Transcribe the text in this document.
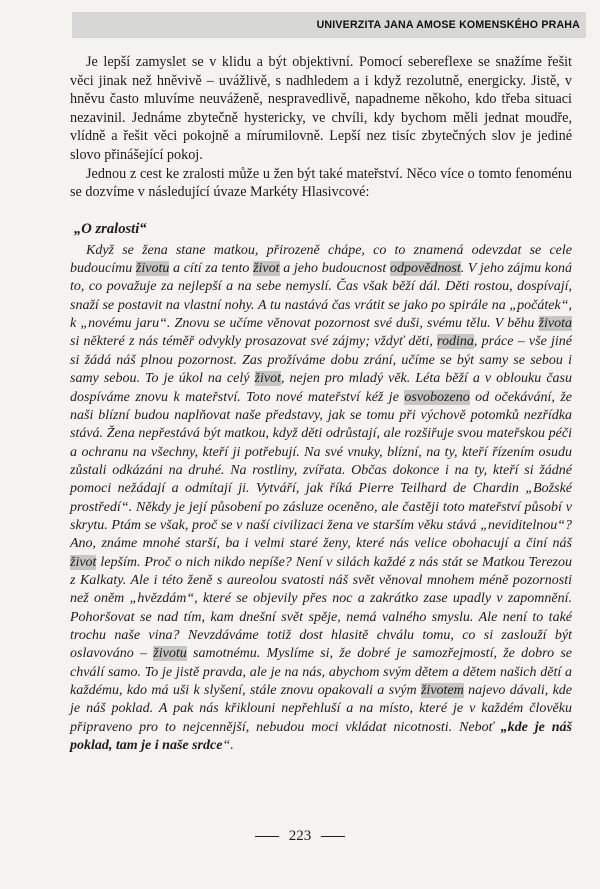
UNIVERZITA JANA AMOSE KOMENSKÉHO PRAHA

Je lepší zamyslet se v klidu a být objektivní. Pomocí sebereflexe se snažíme řešit věci jinak než hněvivě – uvážlivě, s nadhledem a i když rezolutně, energicky. Jistě, v hněvu často mluvíme neuváženě, nespravedlivě, napadneme někoho, kdo třeba situaci nezavinil. Jednáme zbytečně hystericky, ve chvíli, kdy bychom měli jednat moudře, vlídně a řešit věci pokojně a mírumilovně. Lepší nez tisíc zbytečných slov je jediné slovo přinášející pokoj.

Jednou z cest ke zralosti může u žen být také mateřství. Něco více o tomto fenoménu se dozvíme v následující úvaze Markéty Hlasivcové:

„O zralosti“

Když se žena stane matkou, přirozeně chápe, co to znamená odevzdat se cele budoucímu životu a cítí za tento život a jeho budoucnost odpovědnost. V jeho zájmu koná to, co považuje za nejlepší a na sebe nemyslí. Čas však běží dál. Děti rostou, dospívají, snaží se postavit na vlastní nohy. A tu nastává čas vrátit se jako po spirále na „počátek“, k „novému jaru“. Znovu se učíme věnovat pozornost své duši, svému tělu. V běhu života si některé z nás téměř odvykly prosazovat své zájmy; vždyť děti, rodina, práce – vše jiné si žádá náš plnou pozornost. Zas prožíváme dobu zrání, učíme se být samy se sebou i samy sebou. To je úkol na celý život, nejen pro mladý věk. Léta běží a v oblouku času dospíváme znovu k mateřství. Toto nové mateřství kéž je osvobozeno od očekávání, že naši blízní budou naplňovat naše představy, jak se tomu při výchově potomků nezřídka stává. Žena nepřestává být matkou, když děti odrůstají, ale rozšiřuje svou mateřskou péči a ochranu na všechny, kteří ji potřebují. Na své vnuky, blízní, na ty, kteří řízením osudu zůstali odkázáni na druhé. Na rostliny, zvířata. Občas dokonce i na ty, kteří si žádné pomoci nežádají a odmítají ji. Vytváří, jak říká Pierre Teilhard de Chardin „Božské prostředí“. Někdy je její působení po zásluze oceněno, ale častěji toto mateřství působí v skrytu. Ptám se však, proč se v naší civilizaci žena ve starším věku stává „neviditelnou“? Ano, známe mnohé starší, ba i velmi staré ženy, které nás velice obohacují a činí náš život lepším. Proč o nich nikdo nepíše? Není v silách každé z nás stát se Matkou Terezou z Kalkaty. Ale i této ženě s aureolou svatosti náš svět věnoval mnohem méně pozornosti než oněm „hvězdám“, které se objevily přes noc a zakrátko zase upadly v zapomnění. Pohoršovat se nad tím, kam dnešní svět spěje, nemá valného smyslu. Ale není to také trochu naše vina? Nevzdáváme totiž dost hlasitě chválu tomu, co si zaslouží být oslavováno – životu samotnému. Myslíme si, že dobré je samozřejmostí, že dobro se chválí samo. To je jistě pravda, ale je na nás, abychom svým dětem a dětem našich dětí a každému, kdo má uši k slyšení, stále znovu opakovali a svým životem najevo dávali, kde je náš poklad. A pak nás křiklouni nepřehluší a na místo, které je v každém člověku připraveno pro to nejcennější, nebudou moci vkládat nicotnosti. Neboť „kde je náš poklad, tam je i naše srdce“.

223
